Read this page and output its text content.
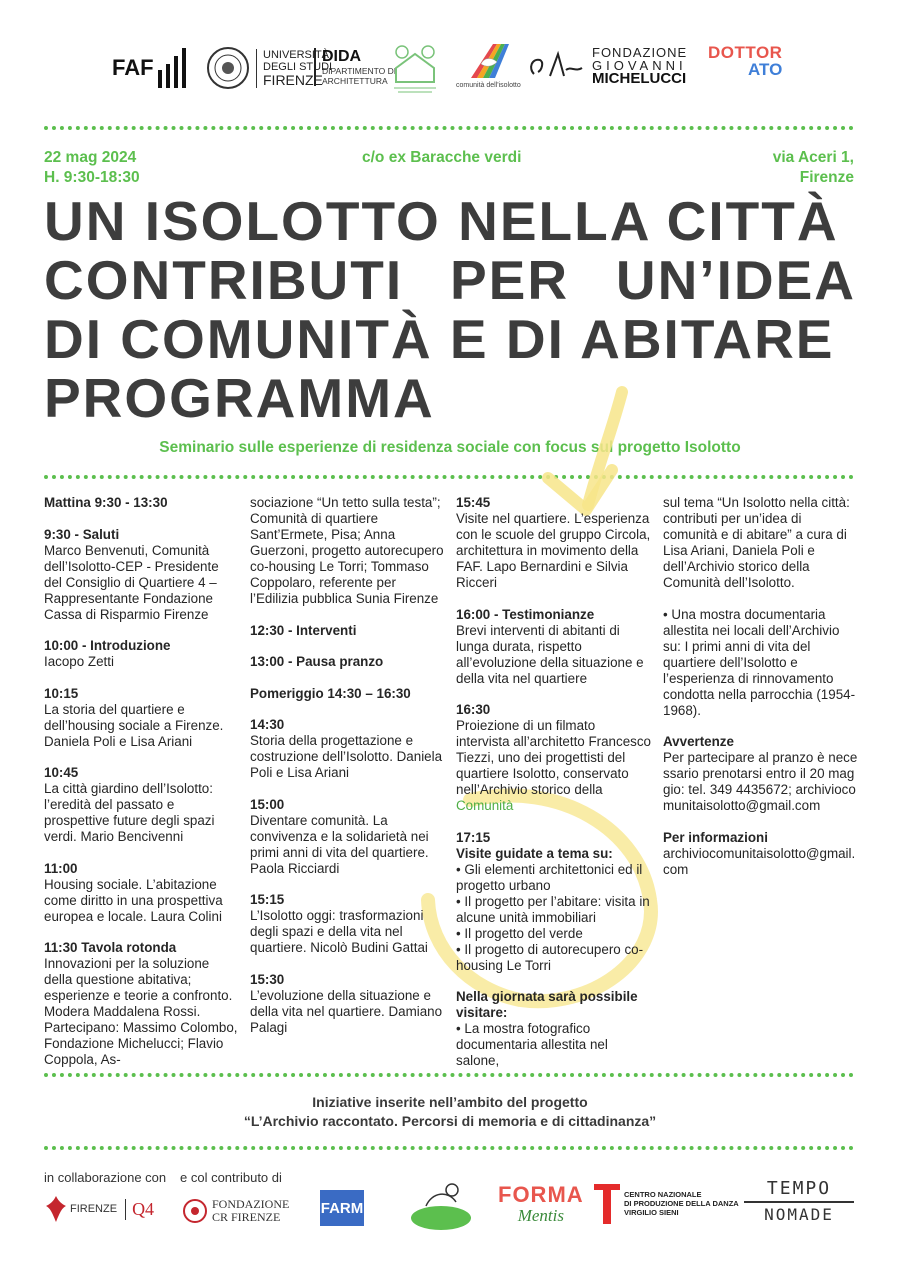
FAF
UNIVERSITÀ
DEGLI STUDI
FIRENZE
DIDA
DIPARTIMENTO DI
ARCHITETTURA	comunità dell'isolotto
FONDAZIONE
GIOVANNI
MICHELUCCI
DOTTOR
ATO
22 mag 2024
H. 9:30-18:30
c/o ex Baracche verdi	via Aceri 1,
Firenze
UN ISOLOTTO NELLA CITTÀ
CONTRIBUTI PER UN’IDEA
DI COMUNITÀ E DI ABITARE
PROGRAMMA
Seminario sulle esperienze di residenza sociale con focus sul progetto Isolotto

Mattina 9:30 - 13:30

9:30 - Saluti
Marco Benvenuti, Comunità dell’Isolotto-CEP - Presidente del Consiglio di Quartiere 4 – Rappresentante Fondazione Cassa di Risparmio Firenze

10:00 - Introduzione
Iacopo Zetti

10:15
La storia del quartiere e dell’housing sociale a Firenze. Daniela Poli e Lisa Ariani

10:45
La città giardino dell’Isolotto: l’eredità del passato e prospettive future degli spazi verdi. Mario Bencivenni

11:00
Housing sociale. L’abitazione come diritto in una prospettiva europea e locale. Laura Colini

11:30 Tavola rotonda
Innovazioni per la soluzione della questione abitativa; esperienze e teorie a confronto. Modera Maddalena Rossi. Partecipano: Massimo Colombo, Fondazione Michelucci; Flavio Coppola, As-

sociazione “Un tetto sulla testa”; Comunità di quartiere Sant’Ermete, Pisa; Anna Guerzoni, progetto autorecupero co-housing Le Torri; Tommaso Coppolaro, referente per l’Edilizia pubblica Sunia Firenze

12:30 - Interventi

13:00 - Pausa pranzo

Pomeriggio 14:30 – 16:30

14:30
Storia della progettazione e costruzione dell’Isolotto. Daniela Poli e Lisa Ariani

15:00
Diventare comunità. La convivenza e la solidarietà nei primi anni di vita del quartiere. Paola Ricciardi

15:15
L’Isolotto oggi: trasformazioni degli spazi e della vita nel quartiere. Nicolò Budini Gattai

15:30
L’evoluzione della situazione e della vita nel quartiere. Damiano Palagi

15:45
Visite nel quartiere. L’esperienza con le scuole del gruppo Circola, architettura in movimento della FAF. Lapo Bernardini e Silvia Ricceri

16:00 - Testimonianze
Brevi interventi di abitanti di lunga durata, rispetto all’evoluzione della situazione e della vita nel quartiere

16:30
Proiezione di un filmato intervista all’architetto Francesco Tiezzi, uno dei progettisti del quartiere Isolotto, conservato nell’Archivio storico della Comunità

17:15
Visite guidate a tema su:
• Gli elementi architettonici ed il progetto urbano
• Il progetto per l’abitare: visita in alcune unità immobiliari
• Il progetto del verde
• Il progetto di autorecupero co-housing Le Torri

Nella giornata sarà possibile visitare:
• La mostra fotografico documentaria allestita nel salone,

sul tema “Un Isolotto nella città: contributi per un’idea di comunità e di abitare” a cura di Lisa Ariani, Daniela Poli e dell’Archivio storico della Comunità dell’Isolotto.

• Una mostra documentaria allestita nei locali dell’Archivio su: I primi anni di vita del quartiere dell’Isolotto e l’esperienza di rinnovamento condotta nella parrocchia (1954-1968).

Avvertenze
Per partecipare al pranzo è necessario prenotarsi entro il 20 maggio: tel. 349 4435672; archiviocomunitaisolotto@gmail.com

Per informazioni
archiviocomunitaisolotto@gmail.com

Iniziative inserite nell’ambito del progetto
“L’Archivio raccontato. Percorsi di memoria e di cittadinanza”
in collaborazione con e col contributo di
FIRENZE Q4	FONDAZIONE
CR FIRENZE
FARM
FORMA
Mentis
CENTRO NAZIONALE
DI PRODUZIONE DELLA DANZA
VIRGILIO SIENI
TEMPO
NOMADE
